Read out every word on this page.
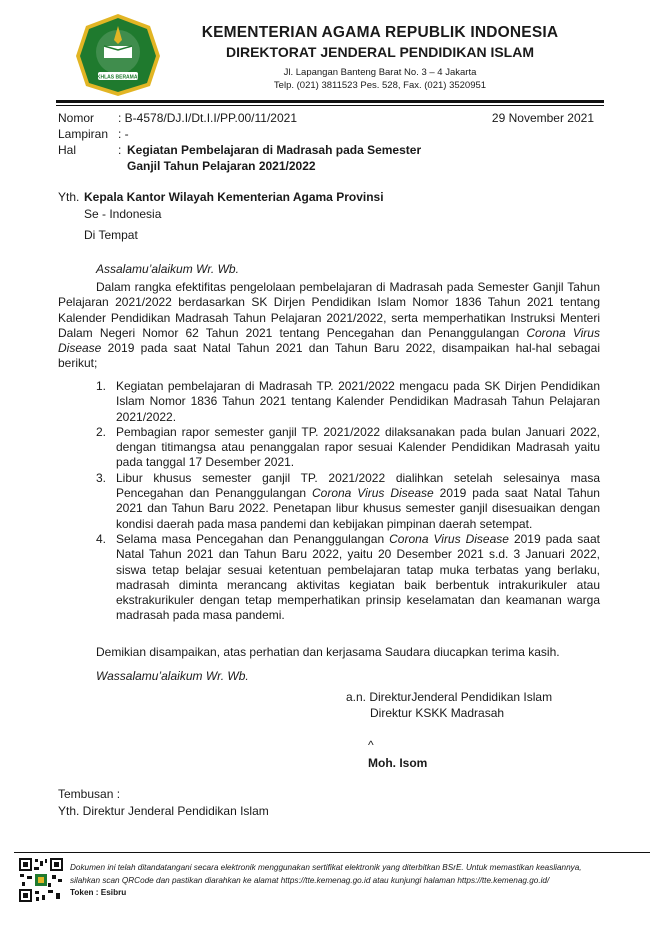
IKHLAS BERAMAL
KEMENTERIAN AGAMA REPUBLIK INDONESIA
DIREKTORAT JENDERAL PENDIDIKAN ISLAM
Jl. Lapangan Banteng Barat No. 3 – 4 Jakarta
Telp. (021) 3811523 Pes. 528, Fax. (021) 3520951
Nomor : B-4578/DJ.I/Dt.I.I/PP.00/11/2021	29 November 2021
Lampiran : -
Hal	: Kegiatan Pembelajaran di Madrasah pada Semester
Ganjil Tahun Pelajaran 2021/2022
Yth. Kepala Kantor Wilayah Kementerian Agama Provinsi
Se - Indonesia
Di Tempat
Assalamu’alaikum Wr. Wb.
Dalam rangka efektifitas pengelolaan pembelajaran di Madrasah pada Semester Ganjil Tahun Pelajaran 2021/2022 berdasarkan SK Dirjen Pendidikan Islam Nomor 1836 Tahun 2021 tentang Kalender Pendidikan Madrasah Tahun Pelajaran 2021/2022, serta memperhatikan Instruksi Menteri Dalam Negeri Nomor 62 Tahun 2021 tentang Pencegahan dan Penanggulangan Corona Virus Disease 2019 pada saat Natal Tahun 2021 dan Tahun Baru 2022, disampaikan hal-hal sebagai berikut;
1. Kegiatan pembelajaran di Madrasah TP. 2021/2022 mengacu pada SK Dirjen Pendidikan Islam Nomor 1836 Tahun 2021 tentang Kalender Pendidikan Madrasah Tahun Pelajaran 2021/2022.
2. Pembagian rapor semester ganjil TP. 2021/2022 dilaksanakan pada bulan Januari 2022, dengan titimangsa atau penanggalan rapor sesuai Kalender Pendidikan Madrasah yaitu pada tanggal 17 Desember 2021.
3. Libur khusus semester ganjil TP. 2021/2022 dialihkan setelah selesainya masa Pencegahan dan Penanggulangan Corona Virus Disease 2019 pada saat Natal Tahun 2021 dan Tahun Baru 2022. Penetapan libur khusus semester ganjil disesuaikan dengan kondisi daerah pada masa pandemi dan kebijakan pimpinan daerah setempat.
4. Selama masa Pencegahan dan Penanggulangan Corona Virus Disease 2019 pada saat Natal Tahun 2021 dan Tahun Baru 2022, yaitu 20 Desember 2021 s.d. 3 Januari 2022, siswa tetap belajar sesuai ketentuan pembelajaran tatap muka terbatas yang berlaku, madrasah diminta merancang aktivitas kegiatan baik berbentuk intrakurikuler atau ekstrakurikuler dengan tetap memperhatikan prinsip keselamatan dan keamanan warga madrasah pada masa pandemi.
Demikian disampaikan, atas perhatian dan kerjasama Saudara diucapkan terima kasih.
Wassalamu’alaikum Wr. Wb.
a.n. DirekturJenderal Pendidikan Islam
Direktur KSKK Madrasah
^
Moh. Isom
Tembusan :
Yth. Direktur Jenderal Pendidikan Islam
Dokumen ini telah ditandatangani secara elektronik menggunakan sertifikat elektronik yang diterbitkan BSrE. Untuk memastikan keasliannya,
silahkan scan QRCode dan pastikan diarahkan ke alamat https://tte.kemenag.go.id atau kunjungi halaman https://tte.kemenag.go.id/
Token : Esibru
